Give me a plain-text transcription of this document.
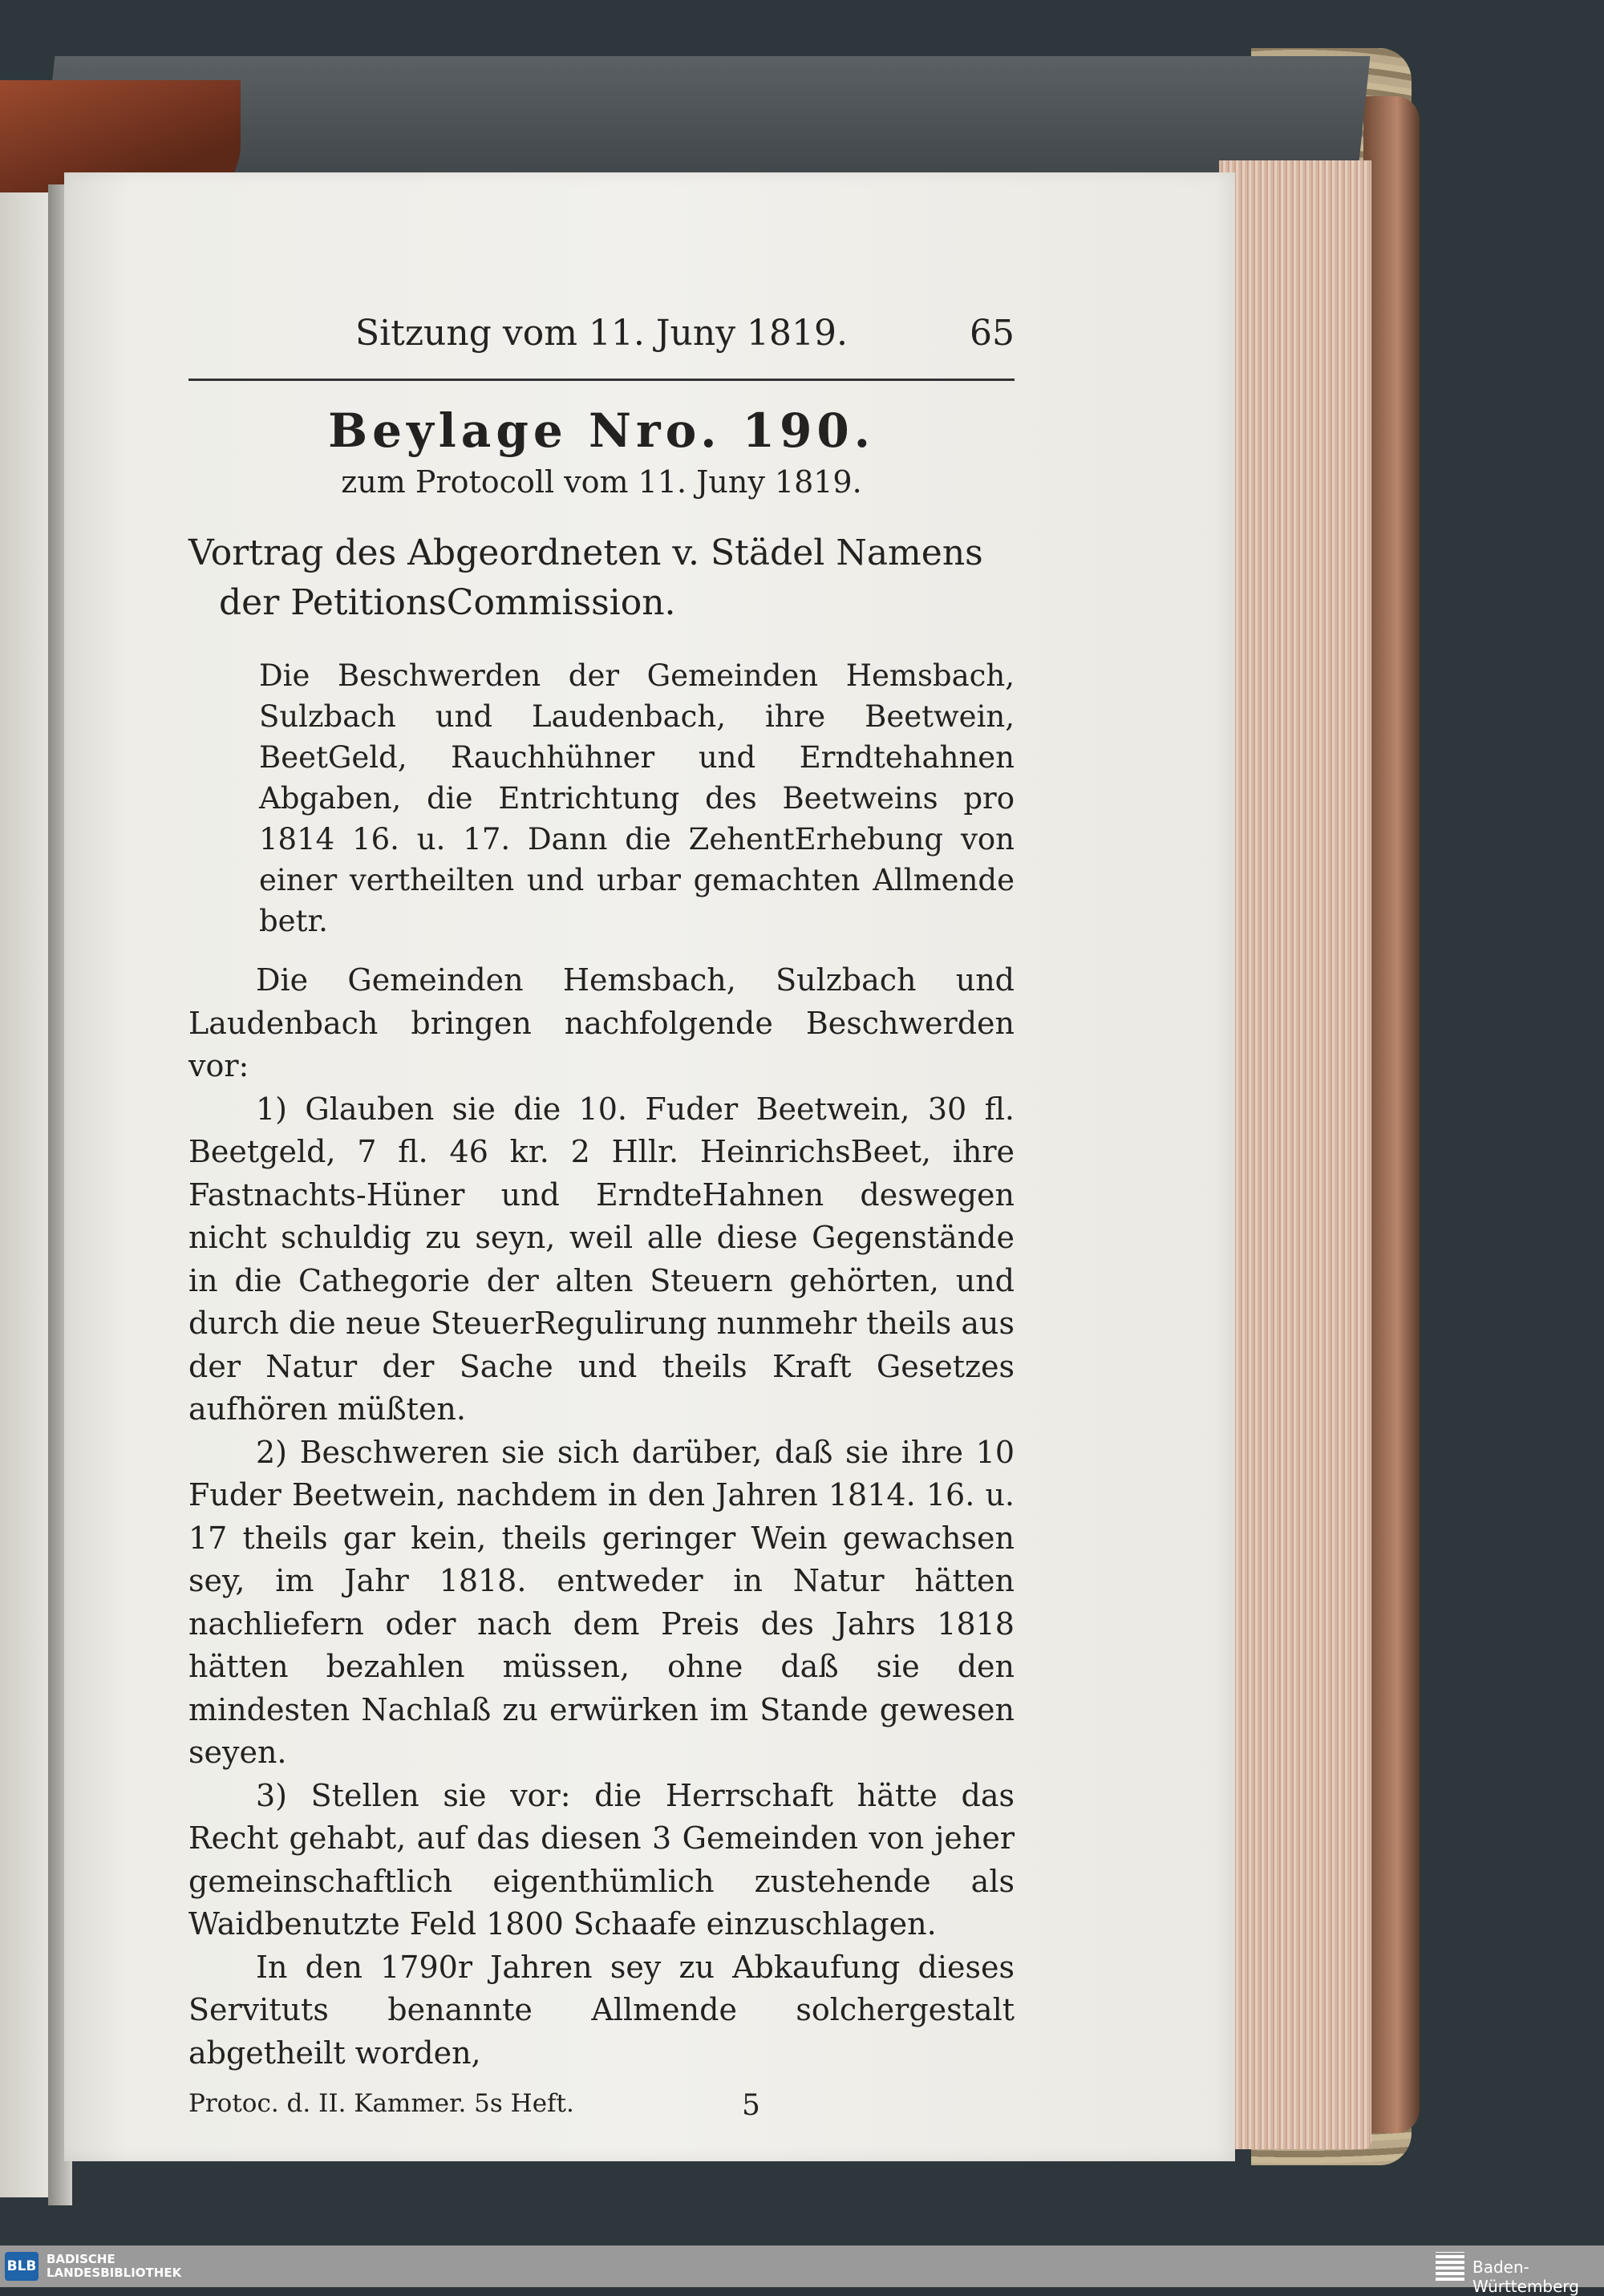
Sitzung vom 11. Juny 1819.	65
Beylage Nro. 190.
zum Protocoll vom 11. Juny 1819.
Vortrag des Abgeordneten v. Städel Namens
der PetitionsCommission.

Die Beschwerden der Gemeinden Hemsbach, Sulzbach und Laudenbach, ihre Beetwein, BeetGeld, Rauchhühner und Erndtehahnen Abgaben, die Entrichtung des Beetweins pro 1814 16. u. 17. Dann die ZehentErhebung von einer vertheilten und urbar gemachten Allmende betr.

Die Gemeinden Hemsbach, Sulzbach und Laudenbach bringen nachfolgende Beschwerden vor:

1) Glauben sie die 10. Fuder Beetwein, 30 fl. Beetgeld, 7 fl. 46 kr. 2 Hllr. HeinrichsBeet, ihre Fastnachts-Hüner und ErndteHahnen deswegen nicht schuldig zu seyn, weil alle diese Gegenstände in die Cathegorie der alten Steuern gehörten, und durch die neue SteuerRegulirung nunmehr theils aus der Natur der Sache und theils Kraft Gesetzes aufhören müßten.

2) Beschweren sie sich darüber, daß sie ihre 10 Fuder Beetwein, nachdem in den Jahren 1814. 16. u. 17 theils gar kein, theils geringer Wein gewachsen sey, im Jahr 1818. entweder in Natur hätten nachliefern oder nach dem Preis des Jahrs 1818 hätten bezahlen müssen, ohne daß sie den mindesten Nachlaß zu erwürken im Stande gewesen seyen.

3) Stellen sie vor: die Herrschaft hätte das Recht gehabt, auf das diesen 3 Gemeinden von jeher gemeinschaftlich eigenthümlich zustehende als Waidbenutzte Feld 1800 Schaafe einzuschlagen.

In den 1790r Jahren sey zu Abkaufung dieses Servituts benannte Allmende solchergestalt abgetheilt worden,

Protoc. d. II. Kammer. 5s Heft.	5
BLB BADISCHE
LANDESBIBLIOTHEK	Baden-Württemberg
